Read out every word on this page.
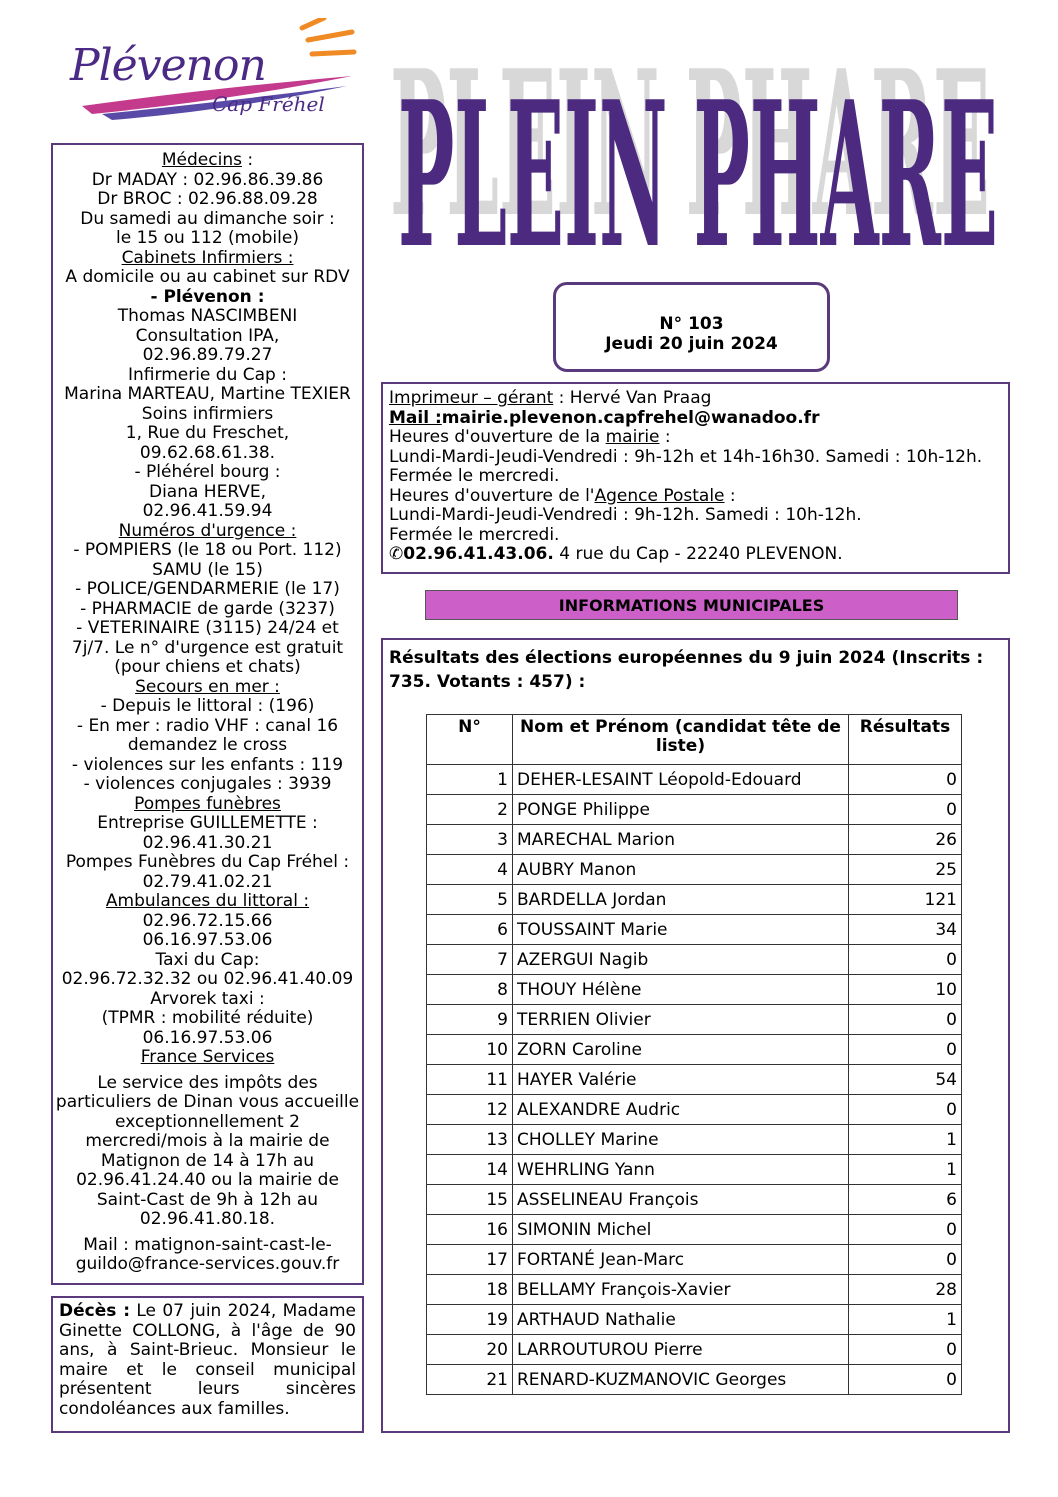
Plévenon
Cap Fréhel PLEIN PHARE
PLEIN PHARE

Médecins :

Dr MADAY : 02.96.86.39.86

Dr BROC : 02.96.88.09.28

Du samedi au dimanche soir :

le 15 ou 112 (mobile)

Cabinets Infirmiers :

A domicile ou au cabinet sur RDV

- Plévenon :

Thomas NASCIMBENI

Consultation IPA,

02.96.89.79.27

Infirmerie du Cap :

Marina MARTEAU, Martine TEXIER

Soins infirmiers

1, Rue du Freschet,

09.62.68.61.38.

- Pléhérel bourg :

Diana HERVE,

02.96.41.59.94

Numéros d'urgence :

- POMPIERS (le 18 ou Port. 112)

SAMU (le 15)

- POLICE/GENDARMERIE (le 17)

- PHARMACIE de garde (3237)

- VETERINAIRE (3115) 24/24 et 7j/7. Le n° d'urgence est gratuit (pour chiens et chats)

Secours en mer :

- Depuis le littoral : (196)

- En mer : radio VHF : canal 16 demandez le cross

- violences sur les enfants : 119

- violences conjugales : 3939

Pompes funèbres

Entreprise GUILLEMETTE :

02.96.41.30.21

Pompes Funèbres du Cap Fréhel :

02.79.41.02.21

Ambulances du littoral :

02.96.72.15.66

06.16.97.53.06

Taxi du Cap:

02.96.72.32.32 ou 02.96.41.40.09

Arvorek taxi :

(TPMR : mobilité réduite)

06.16.97.53.06

France Services

Le service des impôts des particuliers de Dinan vous accueille exceptionnellement 2 mercredi/mois à la mairie de Matignon de 14 à 17h au 02.96.41.24.40 ou la mairie de Saint-Cast de 9h à 12h au 02.96.41.80.18.

Mail : matignon-saint-cast-le-guildo@france-services.gouv.fr

Décès : Le 07 juin 2024, Madame Ginette COLLONG, à l'âge de 90 ans, à Saint-Brieuc. Monsieur le maire et le conseil municipal présentent leurs sincères condoléances aux familles.
N° 103
Jeudi 20 juin 2024

Imprimeur – gérant : Hervé Van Praag

Mail :mairie.plevenon.capfrehel@wanadoo.fr

Heures d'ouverture de la mairie :

Lundi-Mardi-Jeudi-Vendredi : 9h-12h et 14h-16h30. Samedi : 10h-12h.

Fermée le mercredi.

Heures d'ouverture de l'Agence Postale :

Lundi-Mardi-Jeudi-Vendredi : 9h-12h. Samedi : 10h-12h.

Fermée le mercredi.

✆02.96.41.43.06. 4 rue du Cap - 22240 PLEVENON.

INFORMATIONS MUNICIPALES
Résultats des élections européennes du 9 juin 2024 (Inscrits : 735. Votants : 457) :
N°	Nom et Prénom (candidat tête de liste)	Résultats
1	DEHER-LESAINT Léopold-Edouard	0
2	PONGE Philippe	0
3	MARECHAL Marion	26
4	AUBRY Manon	25
5	BARDELLA Jordan	121
6	TOUSSAINT Marie	34
7	AZERGUI Nagib	0
8	THOUY Hélène	10
9	TERRIEN Olivier	0
10	ZORN Caroline	0
11	HAYER Valérie	54
12	ALEXANDRE Audric	0
13	CHOLLEY Marine	1
14	WEHRLING Yann	1
15	ASSELINEAU François	6
16	SIMONIN Michel	0
17	FORTANÉ Jean-Marc	0
18	BELLAMY François-Xavier	28
19	ARTHAUD Nathalie	1
20	LARROUTUROU Pierre	0
21	RENARD-KUZMANOVIC Georges	0
